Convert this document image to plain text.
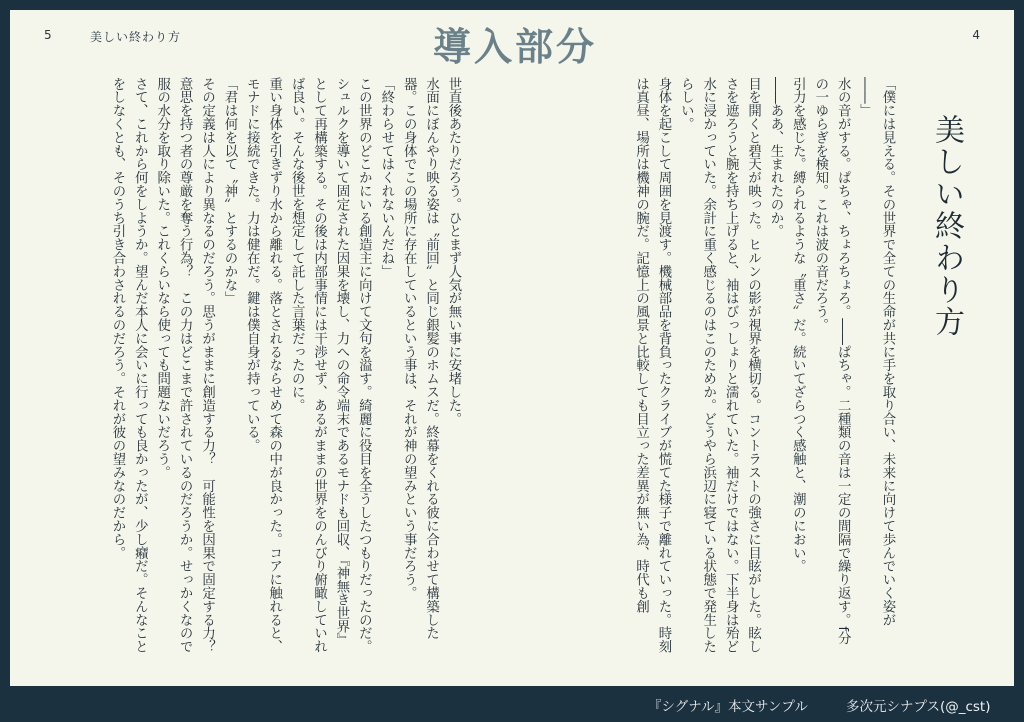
5	美しい終わり方	導入部分	4
美しい終わり方

「僕には見える。その世界で全ての生命が共に手を取り合い、未来に向けて歩んでいく姿が――」

水の音がする。ぱちゃ、ちょろちょろ。――ぱちゃ。二種類の音は一定の間隔で繰り返す。f分の一ゆらぎを検知。これは波の音だろう。

引力を感じた。縛られるような〝重さ〟だ。続いてざらつく感触と、潮のにおい。

――ああ、生まれたのか。

目を開くと碧天が映った。ヒルンの影が視界を横切る。コントラストの強さに目眩がした。眩しさを遮ろうと腕を持ち上げると、袖はびっしょりと濡れていた。袖だけではない。下半身は殆ど水に浸かっていた。余計に重く感じるのはこのためか。どうやら浜辺に寝ている状態で発生したらしい。

身体を起こして周囲を見渡す。機械部品を背負ったクライブが慌てた様子で離れていった。時刻は真昼、場所は機神の腕だ。記憶上の風景と比較しても目立った差異が無い為、時代も創

世直後あたりだろう。ひとまず人気が無い事に安堵した。

水面にぼんやり映る姿は〝前回〟と同じ銀髪のホムスだ。終幕をくれる彼に合わせて構築した器。この身体でこの場所に存在しているという事は、それが神の望みという事だろう。

「終わらせてはくれないんだね」

この世界のどこかにいる創造主に向けて文句を溢す。綺麗に役目を全うしたつもりだったのだ。シュルクを導いて固定された因果を壊し、力への命令端末であるモナドも回収、『神無き世界』として再構築する。その後は内部事情には干渉せず、あるがままの世界をのんびり俯瞰していれば良い。そんな後世を想定して託した言葉だったのに。

重い身体を引きずり水から離れる。落とされるならせめて森の中が良かった。コアに触れると、モナドに接続できた。力は健在だ。鍵は僕自身が持っている。

「君は何を以て〝神〟とするのかな」

その定義は人により異なるのだろう。思うがままに創造する力？　可能性を因果で固定する力？　意思を持つ者の尊厳を奪う行為？　この力はどこまで許されているのだろうか。せっかくなので服の水分を取り除いた。これくらいなら使っても問題ないだろう。

さて、これから何をしようか。望んだ本人に会いに行っても良かったが、少し癪だ。そんなことをしなくとも、そのうち引き合わされるのだろう。それが彼の望みなのだから。

『シグナル』本文サンプル	多次元シナプス(@_cst)
